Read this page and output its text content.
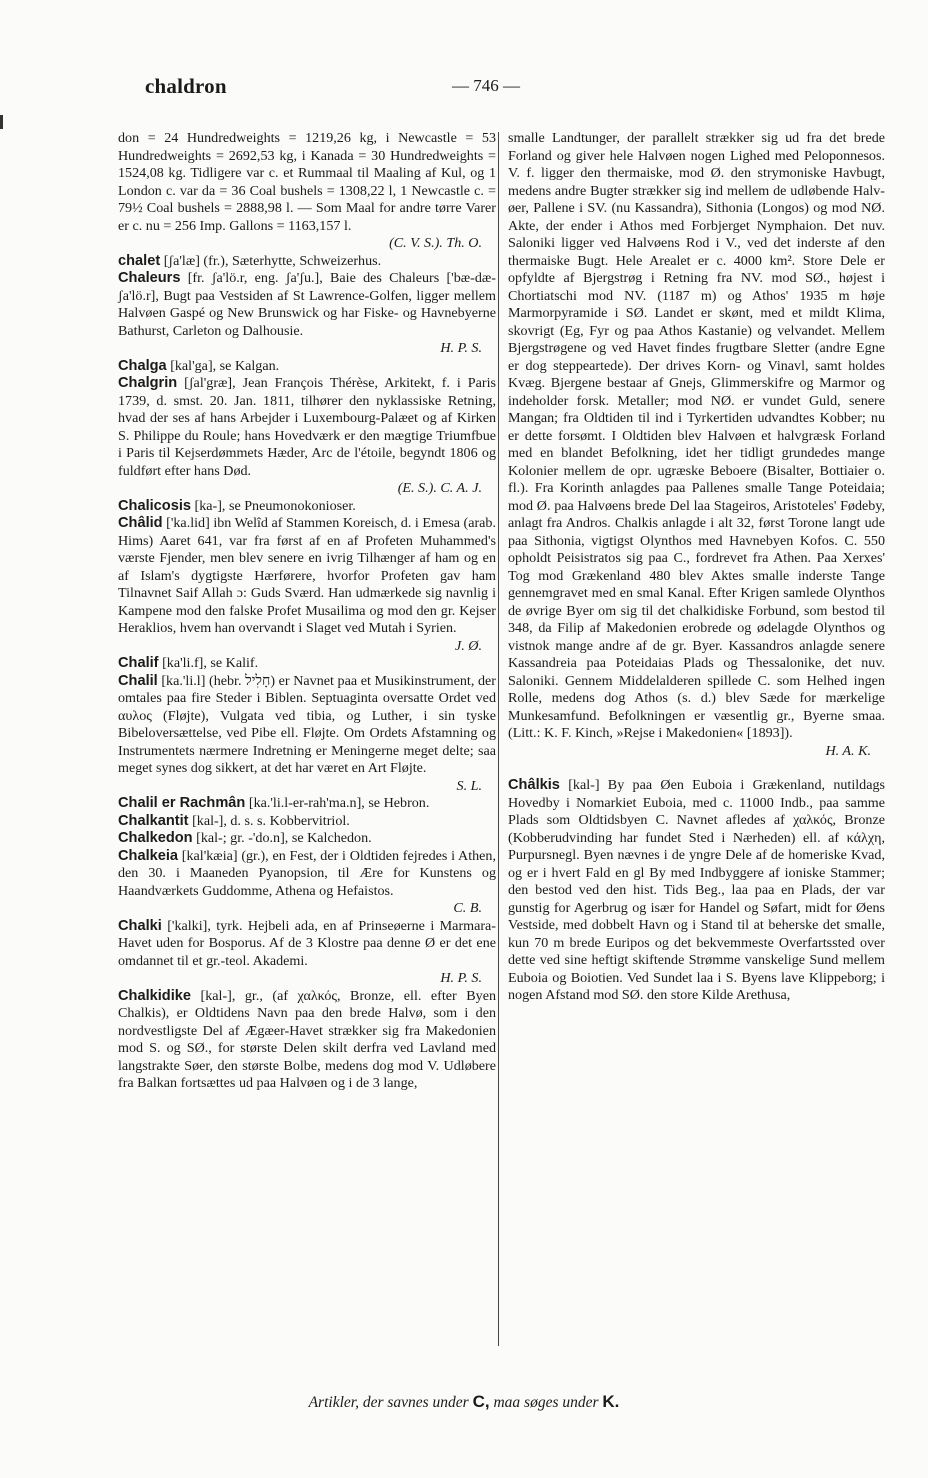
chaldron	— 746 —

don = 24 Hundredweights = 1219,26 kg, i Newcastle = 53 Hundredweights = 2692,53 kg, i Kanada = 30 Hundredweights = 1524,08 kg. Tidligere var c. et Rummaal til Maaling af Kul, og 1 London c. var da = 36 Coal bushels = 1308,22 l, 1 Newcastle c. = 79½ Coal bushels = 2888,98 l. — Som Maal for andre tørre Varer er c. nu = 256 Imp. Gallons = 1163,157 l.
(C. V. S.). Th. O.

chalet [ʃa'læ] (fr.), Sæterhytte, Schweizerhus.

Chaleurs [fr. ʃa'lö.r, eng. ʃa'ʃu.], Baie des Chaleurs ['bæ-dæ-ʃa'lö.r], Bugt paa Vestsiden af St Lawrence-Golfen, ligger mellem Halvøen Gaspé og New Brunswick og har Fiske- og Havnebyerne Bathurst, Carleton og Dalhousie.
H. P. S.

Chalga [kal'ga], se Kalgan.

Chalgrin [ʃal'græ], Jean François Thérèse, Arkitekt, f. i Paris 1739, d. smst. 20. Jan. 1811, tilhører den nyklassiske Retning, hvad der ses af hans Arbejder i Luxembourg-Palæet og af Kirken S. Philippe du Roule; hans Hovedværk er den mægtige Triumfbue i Paris til Kejserdømmets Hæder, Arc de l'étoile, begyndt 1806 og fuldført efter hans Død.
(E. S.). C. A. J.

Chalicosis [ka-], se Pneumonokonioser.

Châlid ['ka.lid] ibn Welîd af Stammen Koreisch, d. i Emesa (arab. Hims) Aaret 641, var fra først af en af Profeten Muhammed's værste Fjender, men blev senere en ivrig Tilhænger af ham og en af Islam's dygtigste Hærførere, hvorfor Profeten gav ham Tilnavnet Saif Allah ɔ: Guds Sværd. Han udmærkede sig navnlig i Kampene mod den falske Profet Musailima og mod den gr. Kejser Heraklios, hvem han overvandt i Slaget ved Mutah i Syrien.
J. Ø.

Chalif [ka'li.f], se Kalif.

Chalil [ka.'li.l] (hebr. חָלִיל) er Navnet paa et Musikinstrument, der omtales paa fire Steder i Biblen. Septuaginta oversatte Ordet ved αυλος (Fløjte), Vulgata ved tibia, og Luther, i sin tyske Bibeloversættelse, ved Pibe ell. Fløjte. Om Ordets Afstamning og Instrumentets nærmere Indretning er Meningerne meget delte; saa meget synes dog sikkert, at det har været en Art Fløjte.
S. L.

Chalil er Rachmân [ka.'li.l-er-rah'ma.n], se Hebron.

Chalkantit [kal-], d. s. s. Kobbervitriol.

Chalkedon [kal-; gr. -'do.n], se Kalchedon.

Chalkeia [kal'kæia] (gr.), en Fest, der i Oldtiden fejredes i Athen, den 30. i Maaneden Pyanopsion, til Ære for Kunstens og Haandværkets Guddomme, Athena og Hefaistos.
C. B.

Chalki ['kalki], tyrk. Hejbeli ada, en af Prinseøerne i Marmara-Havet uden for Bosporus. Af de 3 Klostre paa denne Ø er det ene omdannet til et gr.-teol. Akademi.
H. P. S.

Chalkidike [kal-], gr., (af χαλκός, Bronze, ell. efter Byen Chalkis), er Oldtidens Navn paa den brede Halvø, som i den nordvestligste Del af Ægæer-Havet strækker sig fra Makedonien mod S. og SØ., for største Delen skilt derfra ved Lavland med langstrakte Søer, den største Bolbe, medens dog mod V. Udløbere fra Balkan fortsættes ud paa Halvøen og i de 3 lange,

smalle Landtunger, der parallelt strækker sig ud fra det brede Forland og giver hele Halvøen nogen Lighed med Peloponnesos. V. f. ligger den thermaiske, mod Ø. den strymoniske Havbugt, medens andre Bugter strækker sig ind mellem de udløbende Halvøer, Pallene i SV. (nu Kassandra), Sithonia (Longos) og mod NØ. Akte, der ender i Athos med Forbjerget Nymphaion. Det nuv. Saloniki ligger ved Halvøens Rod i V., ved det inderste af den thermaiske Bugt. Hele Arealet er c. 4000 km². Store Dele er opfyldte af Bjergstrøg i Retning fra NV. mod SØ., højest i Chortiatschi mod NV. (1187 m) og Athos' 1935 m høje Marmorpyramide i SØ. Landet er skønt, med et mildt Klima, skovrigt (Eg, Fyr og paa Athos Kastanie) og velvandet. Mellem Bjergstrøgene og ved Havet findes frugtbare Sletter (andre Egne er dog steppeartede). Der drives Korn- og Vinavl, samt holdes Kvæg. Bjergene bestaar af Gnejs, Glimmerskifre og Marmor og indeholder forsk. Metaller; mod NØ. er vundet Guld, senere Mangan; fra Oldtiden til ind i Tyrkertiden udvandtes Kobber; nu er dette forsømt. I Oldtiden blev Halvøen et halvgræsk Forland med en blandet Befolkning, idet her tidligt grundedes mange Kolonier mellem de opr. ugræske Beboere (Bisalter, Bottiaier o. fl.). Fra Korinth anlagdes paa Pallenes smalle Tange Poteidaia; mod Ø. paa Halvøens brede Del laa Stageiros, Aristoteles' Fødeby, anlagt fra Andros. Chalkis anlagde i alt 32, først Torone langt ude paa Sithonia, vigtigst Olynthos med Havnebyen Kofos. C. 550 opholdt Peisistratos sig paa C., fordrevet fra Athen. Paa Xerxes' Tog mod Grækenland 480 blev Aktes smalle inderste Tange gennemgravet med en smal Kanal. Efter Krigen samlede Olynthos de øvrige Byer om sig til det chalkidiske Forbund, som bestod til 348, da Filip af Makedonien erobrede og ødelagde Olynthos og vistnok mange andre af de gr. Byer. Kassandros anlagde senere Kassandreia paa Poteidaias Plads og Thessalonike, det nuv. Saloniki. Gennem Middelalderen spillede C. som Helhed ingen Rolle, medens dog Athos (s. d.) blev Sæde for mærkelige Munkesamfund. Befolkningen er væsentlig gr., Byerne smaa. (Litt.: K. F. Kinch, »Rejse i Makedonien« [1893]).
H. A. K.

Châlkis [kal-] By paa Øen Euboia i Grækenland, nutildags Hovedby i Nomarkiet Euboia, med c. 11000 Indb., paa samme Plads som Oldtidsbyen C. Navnet afledes af χαλκός, Bronze (Kobberudvinding har fundet Sted i Nærheden) ell. af κάλχη, Purpursnegl. Byen nævnes i de yngre Dele af de homeriske Kvad, og er i hvert Fald en gl By med Indbyggere af ioniske Stammer; den bestod ved den hist. Tids Beg., laa paa en Plads, der var gunstig for Agerbrug og især for Handel og Søfart, midt for Øens Vestside, med dobbelt Havn og i Stand til at beherske det smalle, kun 70 m brede Euripos og det bekvemmeste Overfartssted over dette ved sine heftigt skiftende Strømme vanskelige Sund mellem Euboia og Boiotien. Ved Sundet laa i S. Byens lave Klippeborg; i nogen Afstand mod SØ. den store Kilde Arethusa,

Artikler, der savnes under C, maa søges under K.
